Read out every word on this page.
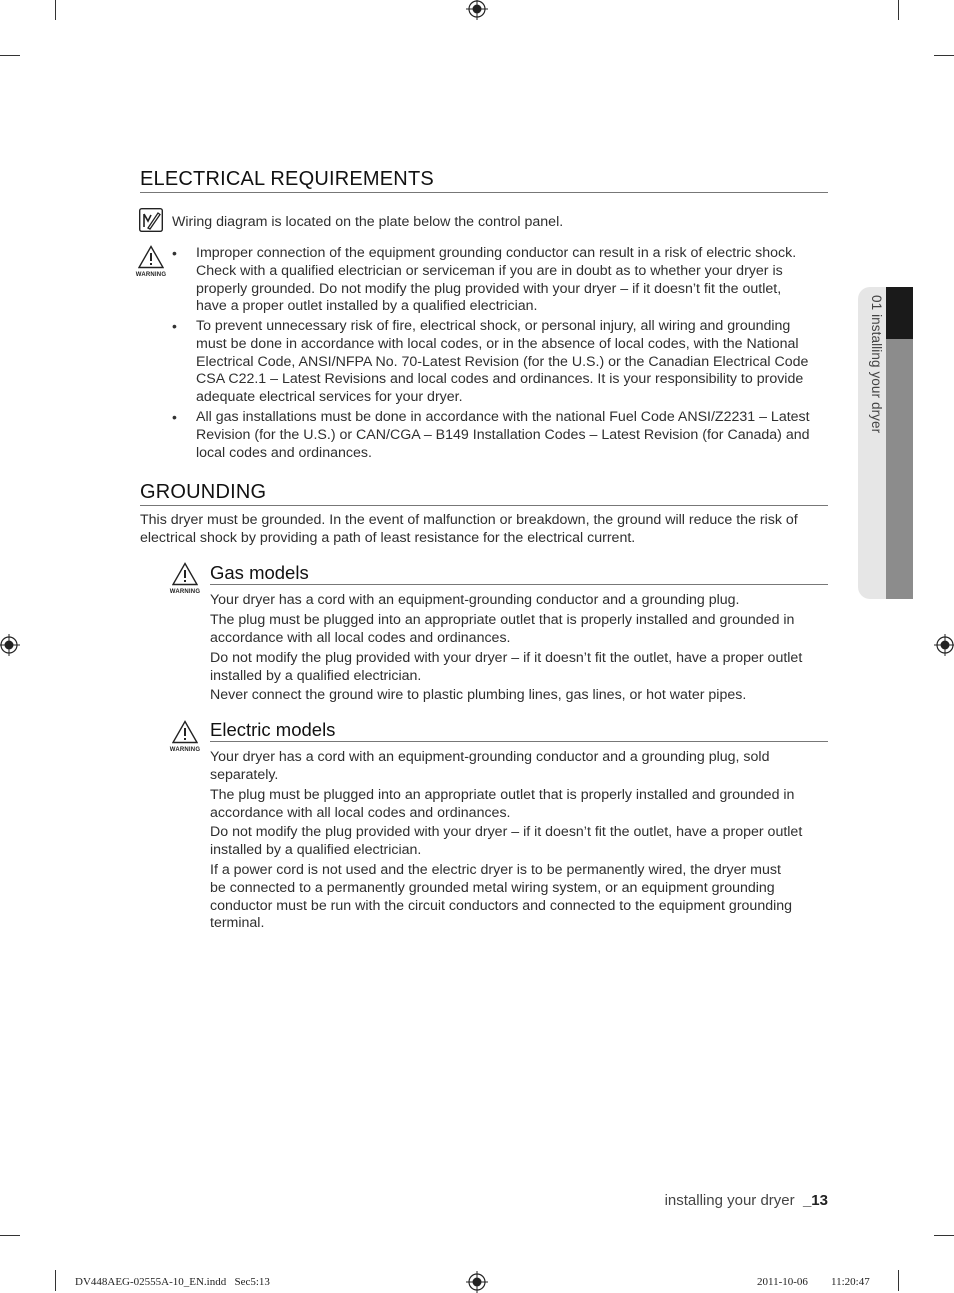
01 installing your dryer
ELECTRICAL REQUIREMENTS

Wiring diagram is located on the plate below the control panel.

WARNING
• Improper connection of the equipment grounding conductor can result in a risk of electric shock.
Check with a qualified electrician or serviceman if you are in doubt as to whether your dryer is
properly grounded. Do not modify the plug provided with your dryer – if it doesn’t fit the outlet,
have a proper outlet installed by a qualified electrician.

• To prevent unnecessary risk of fire, electrical shock, or personal injury, all wiring and grounding
must be done in accordance with local codes, or in the absence of local codes, with the National
Electrical Code, ANSI/NFPA No. 70-Latest Revision (for the U.S.) or the Canadian Electrical Code
CSA C22.1 – Latest Revisions and local codes and ordinances. It is your responsibility to provide
adequate electrical services for your dryer.

• All gas installations must be done in accordance with the national Fuel Code ANSI/Z2231 – Latest
Revision (for the U.S.) or CAN/CGA – B149 Installation Codes – Latest Revision (for Canada) and
local codes and ordinances.

GROUNDING

This dryer must be grounded. In the event of malfunction or breakdown, the ground will reduce the risk of
electrical shock by providing a path of least resistance for the electrical current.

WARNING
Gas models

Your dryer has a cord with an equipment-grounding conductor and a grounding plug.

The plug must be plugged into an appropriate outlet that is properly installed and grounded in
accordance with all local codes and ordinances.

Do not modify the plug provided with your dryer – if it doesn’t fit the outlet, have a proper outlet
installed by a qualified electrician.

Never connect the ground wire to plastic plumbing lines, gas lines, or hot water pipes.

WARNING
Electric models

Your dryer has a cord with an equipment-grounding conductor and a grounding plug, sold
separately.

The plug must be plugged into an appropriate outlet that is properly installed and grounded in
accordance with all local codes and ordinances.

Do not modify the plug provided with your dryer – if it doesn’t fit the outlet, have a proper outlet
installed by a qualified electrician.

If a power cord is not used and the electric dryer is to be permanently wired, the dryer must
be connected to a permanently grounded metal wiring system, or an equipment grounding
conductor must be run with the circuit conductors and connected to the equipment grounding
terminal.

installing your dryer _13
DV448AEG-02555A-10_EN.indd   Sec5:13	2011-10-06 11:20:47
